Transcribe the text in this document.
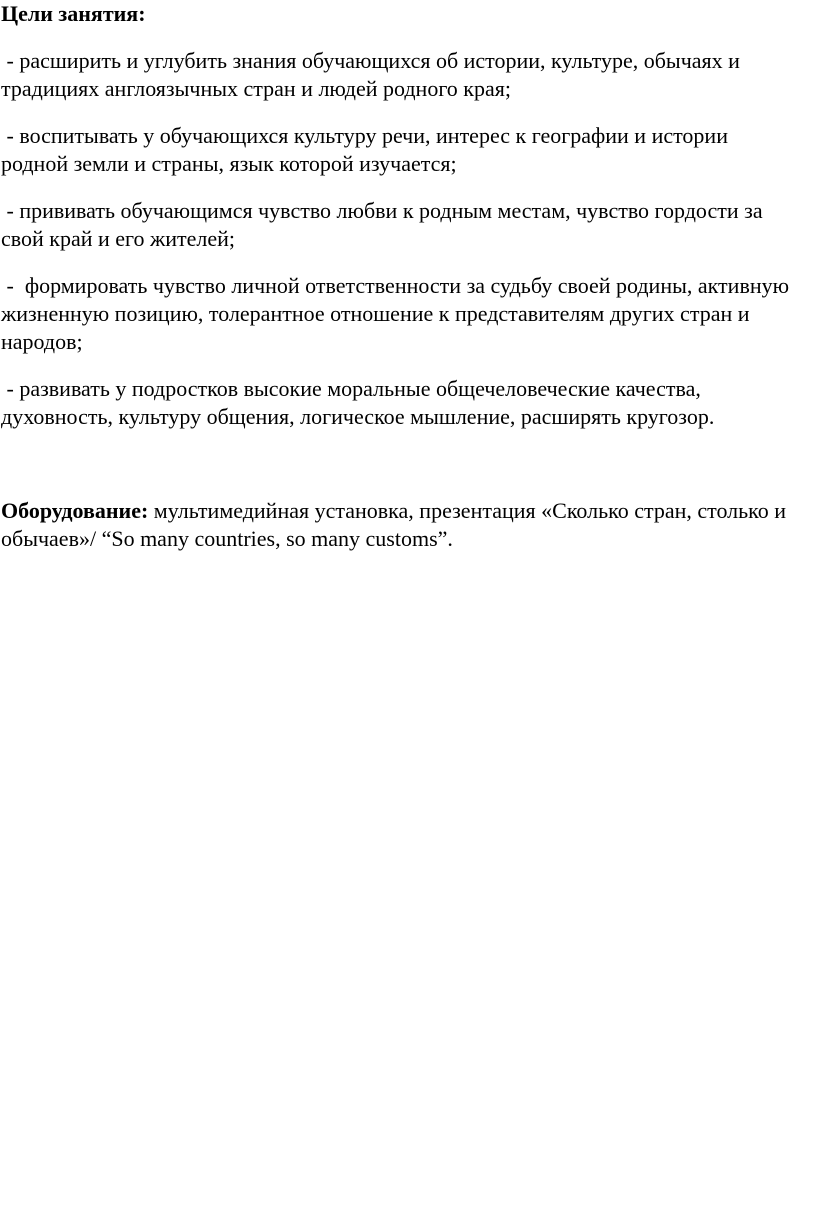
Цели занятия:

- расширить и углубить знания обучающихся об истории, культуре, обычаях и
традициях англоязычных стран и людей родного края;

- воспитывать у обучающихся культуру речи, интерес к географии и истории
родной земли и страны, язык которой изучается;

- прививать обучающимся чувство любви к родным местам, чувство гордости за
свой край и его жителей;

-  формировать чувство личной ответственности за судьбу своей родины, активную
жизненную позицию, толерантное отношение к представителям других стран и
народов;

- развивать у подростков высокие моральные общечеловеческие качества,
духовность, культуру общения, логическое мышление, расширять кругозор.

Оборудование: мультимедийная установка, презентация «Сколько стран, столько и
обычаев»/ “So many countries, so many customs”.
